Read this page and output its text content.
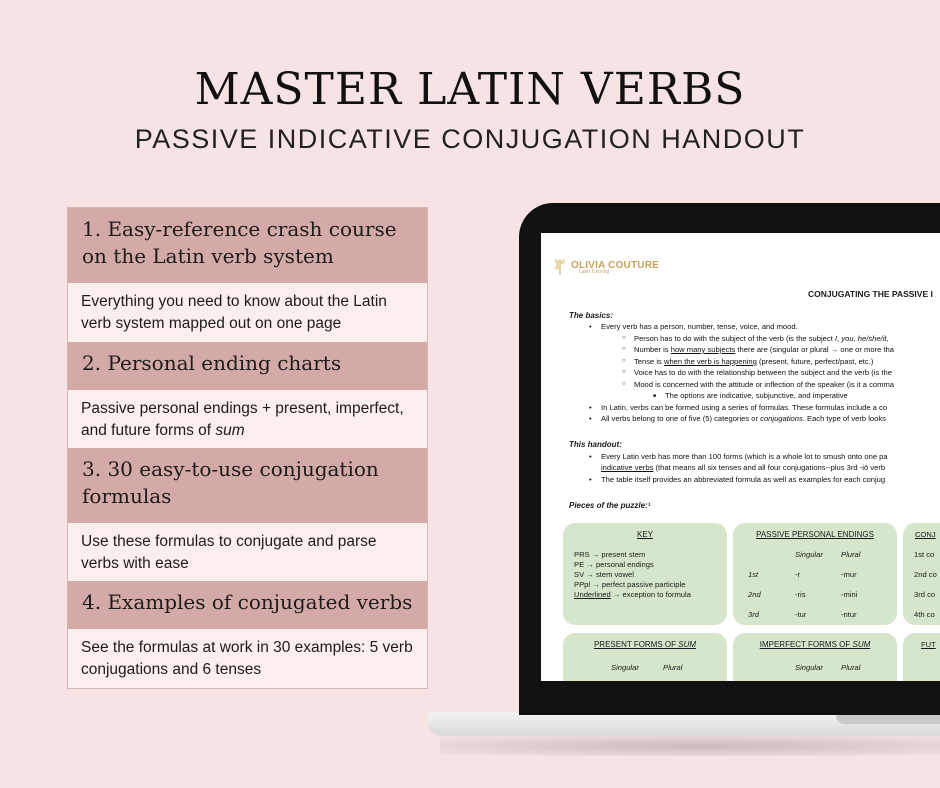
MASTER LATIN VERBS
PASSIVE INDICATIVE CONJUGATION HANDOUT
1. Easy-reference crash course on the Latin verb system
Everything you need to know about the Latin verb system mapped out on one page
2. Personal ending charts
Passive personal endings + present, imperfect, and future forms of sum
3. 30 easy-to-use conjugation formulas
Use these formulas to conjugate and parse verbs with ease
4. Examples of conjugated verbs
See the formulas at work in 30 examples: 5 verb conjugations and 6 tenses
OLIVIA COUTURE
Latin Tutoring
CONJUGATING THE PASSIVE I
The basics:
• Every verb has a person, number, tense, voice, and mood.
○ Person has to do with the subject of the verb (is the subject I, you, he/she/it,
○ Number is how many subjects there are (singular or plural → one or more tha
○ Tense is when the verb is happening (present, future, perfect/past, etc.)
○ Voice has to do with the relationship between the subject and the verb (is the
○ Mood is concerned with the attitude or inflection of the speaker (is it a comma
■ The options are indicative, subjunctive, and imperative
• In Latin, verbs can be formed using a series of formulas. These formulas include a co
• All verbs belong to one of five (5) categories or conjugations. Each type of verb looks
This handout:
• Every Latin verb has more than 100 forms (which is a whole lot to smush onto one pa
indicative verbs (that means all six tenses and all four conjugations--plus 3rd -iō verb
• The table itself provides an abbreviated formula as well as examples for each conjug
Pieces of the puzzle:¹
KEY
PRS → present stem
PE → personal endings
SV → stem vowel
PPpl → perfect passive participle
Underlined → exception to formula
PASSIVE PERSONAL ENDINGS
Singular Plural
1st	-r	-mur
2nd	-ris	-mini
3rd	-tur	-ntur
CONJ
1st co
2nd co
3rd co
4th co
PRESENT FORMS OF SUM
Singular	Plural
IMPERFECT FORMS OF SUM
Singular Plural
FUT
